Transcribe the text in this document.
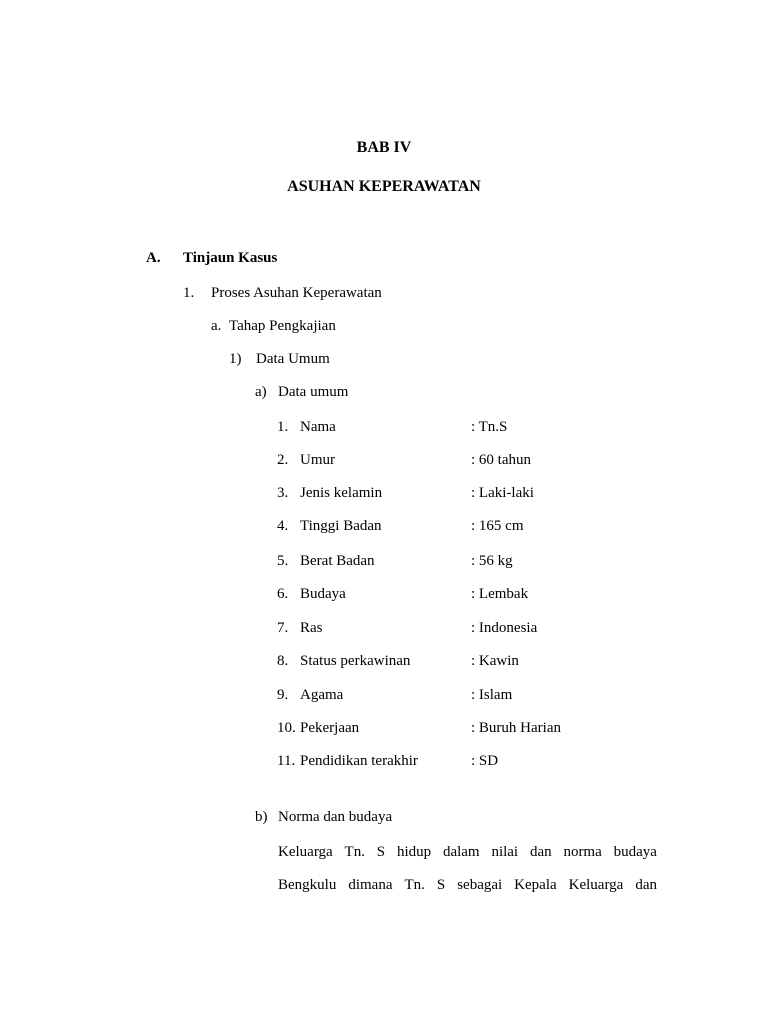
BAB IV
ASUHAN KEPERAWATAN
A. Tinjaun Kasus
1. Proses Asuhan Keperawatan
a. Tahap Pengkajian
1) Data Umum
a) Data umum
1. Nama	: Tn.S
2. Umur	: 60 tahun
3. Jenis kelamin	: Laki-laki
4. Tinggi Badan	: 165 cm
5. Berat Badan	: 56 kg
6. Budaya	: Lembak
7. Ras	: Indonesia
8. Status perkawinan	: Kawin
9. Agama	: Islam
10. Pekerjaan	: Buruh Harian
11. Pendidikan terakhir	: SD
b) Norma dan budaya
Keluarga Tn. S hidup dalam nilai dan norma budaya
Bengkulu dimana Tn. S sebagai Kepala Keluarga dan
